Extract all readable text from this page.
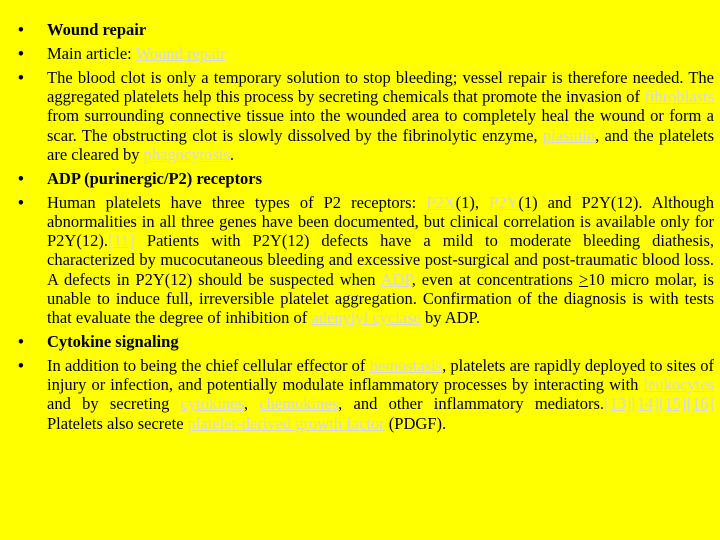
• Wound repair
• Main article: Wound repair
• The blood clot is only a temporary solution to stop bleeding; vessel repair is therefore needed. The aggregated platelets help this process by secreting chemicals that promote the invasion of fibroblasts from surrounding connective tissue into the wounded area to completely heal the wound or form a scar. The obstructing clot is slowly dissolved by the fibrinolytic enzyme, plasmin, and the platelets are cleared by phagocytosis.
• ADP (purinergic/P2) receptors
• Human platelets have three types of P2 receptors: P2X(1), P2Y(1) and P2Y(12). Although abnormalities in all three genes have been documented, but clinical correlation is available only for P2Y(12).[11] Patients with P2Y(12) defects have a mild to moderate bleeding diathesis, characterized by mucocutaneous bleeding and excessive post-surgical and post-traumatic blood loss. A defects in P2Y(12) should be suspected when ADP, even at concentrations ≥10 micro molar, is unable to induce full, irreversible platelet aggregation. Confirmation of the diagnosis is with tests that evaluate the degree of inhibition of adenylyl cyclase by ADP.
• Cytokine signaling
• In addition to being the chief cellular effector of hemostasis, platelets are rapidly deployed to sites of injury or infection, and potentially modulate inflammatory processes by interacting with leukocytes and by secreting cytokines, chemokines, and other inflammatory mediators.[13][14][15][16] Platelets also secrete platelet-derived growth factor (PDGF).
